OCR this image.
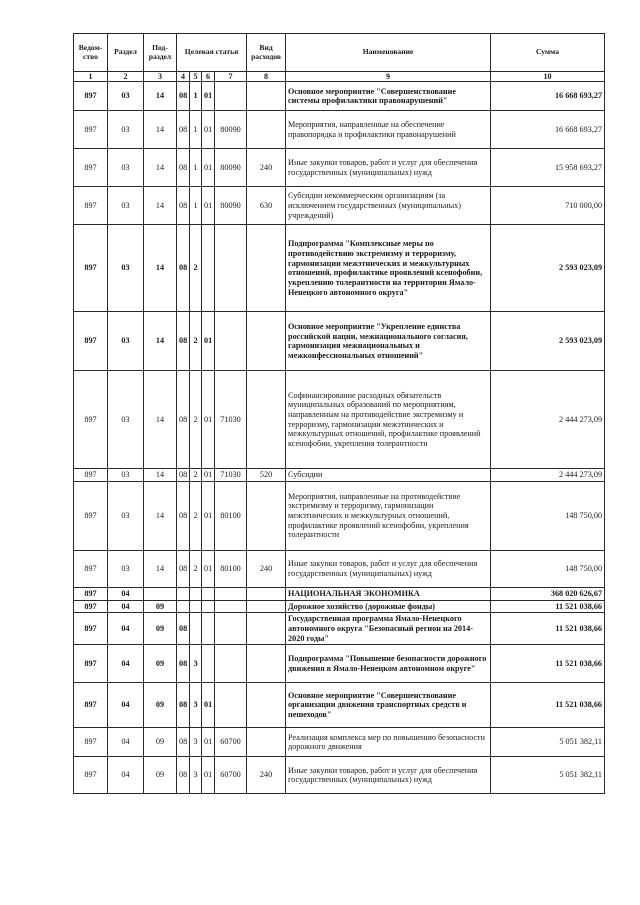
Ведом-
ство	Раздел	Под-
раздел	Целевая статья				Вид
расходов	Наименование	Сумма
1	2	3	4	5	6	7	8	9	10
897	03	14	08	1	01			Основное мероприятие "Совершенствование системы профилактики правонарушений"	16 668 693,27
897	03	14	08	1	01	80090		Мероприятия, направленные на обеспечение правопорядка и профилактики правонарушений	16 668 693,27
897	03	14	08	1	01	80090	240	Иные закупки товаров, работ и услуг для обеспечения государственных (муниципальных) нужд	15 958 693,27
897	03	14	08	1	01	80090	630	Субсидии некоммерческим организациям (за исключением государственных (муниципальных) учреждений)	710 000,00
897	03	14	08	2				Подпрограмма "Комплексные меры по противодействию экстремизму и терроризму, гармонизации межэтнических и межкультурных отношений, профилактике проявлений ксенофобии, укреплению толерантности на территории Ямало-Ненецкого автономного округа"	2 593 023,09
897	03	14	08	2	01			Основное мероприятие "Укрепление единства российской нации, межнационального согласия, гармонизация межнациональных и межконфессиональных отношений"	2 593 023,09
897	03	14	08	2	01	71030		Софинансирование расходных обязательств муниципальных образований по мероприятиям, направленным на противодействие экстремизму и терроризму, гармонизации межэтнических и межкультурных отношений, профилактике проявлений ксенофобии, укрепления толерантности	2 444 273,09
897	03	14	08	2	01	71030	520	Субсидии	2 444 273,09
897	03	14	08	2	01	80100		Мероприятия, направленные на противодействие экстремизму и терроризму, гармонизации межэтнических и межкультурных отношений, профилактике проявлений ксенофобии, укрепления толерантности	148 750,00
897	03	14	08	2	01	80100	240	Иные закупки товаров, работ и услуг для обеспечения государственных (муниципальных) нужд	148 750,00
897	04							НАЦИОНАЛЬНАЯ ЭКОНОМИКА	368 020 626,67
897	04	09						Дорожное хозяйство (дорожные фонды)	11 521 038,66
897	04	09	08					Государственная программа Ямало-Ненецкого автономного округа "Безопасный регион на 2014-2020 годы"	11 521 038,66
897	04	09	08	3				Подпрограмма "Повышение безопасности дорожного движения в Ямало-Ненецком автономном округе"	11 521 038,66
897	04	09	08	3	01			Основное мероприятие "Совершенствование организации движения транспортных средств и пешеходов"	11 521 038,66
897	04	09	08	3	01	60700		Реализация комплекса мер по повышению безопасности дорожного движения	5 051 382,11
897	04	09	08	3	01	60700	240	Иные закупки товаров, работ и услуг для обеспечения государственных (муниципальных) нужд	5 051 382,11
